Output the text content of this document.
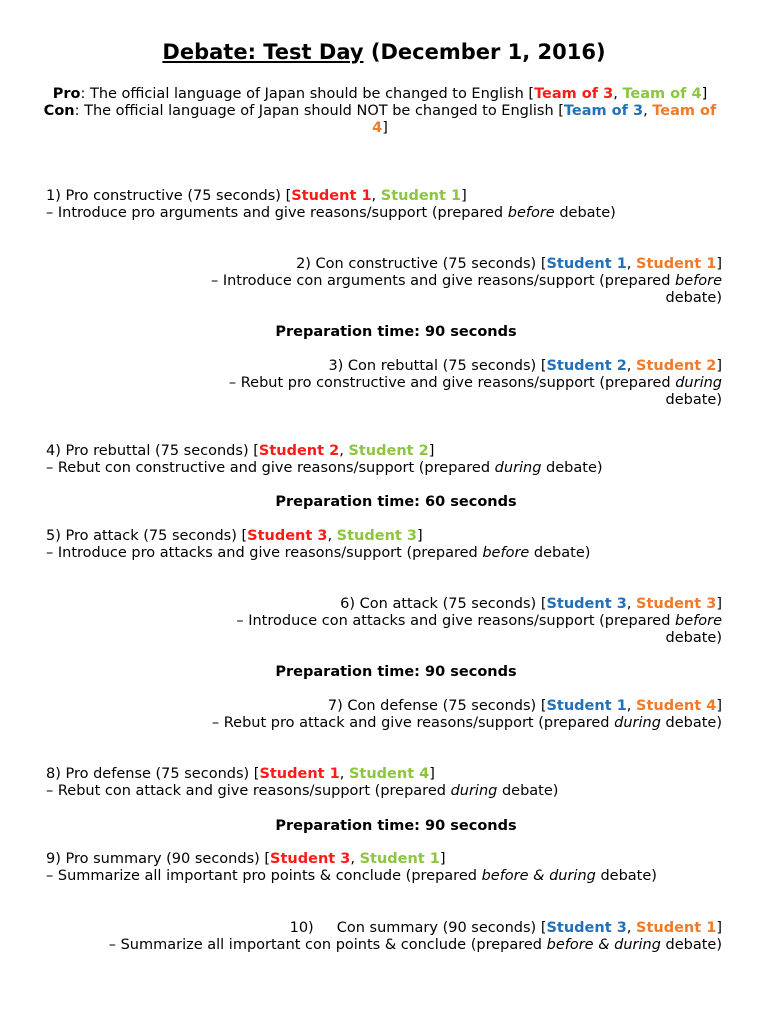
Debate: Test Day (December 1, 2016)
Pro: The official language of Japan should be changed to English [Team of 3, Team of 4]
Con: The official language of Japan should NOT be changed to English [Team of 3, Team of 4]
1) Pro constructive (75 seconds) [Student 1, Student 1]
– Introduce pro arguments and give reasons/support (prepared before debate)
2) Con constructive (75 seconds) [Student 1, Student 1]
– Introduce con arguments and give reasons/support (prepared before
debate)
Preparation time: 90 seconds
3) Con rebuttal (75 seconds) [Student 2, Student 2]
– Rebut pro constructive and give reasons/support (prepared during
debate)
4) Pro rebuttal (75 seconds) [Student 2, Student 2]
– Rebut con constructive and give reasons/support (prepared during debate)
Preparation time: 60 seconds
5) Pro attack (75 seconds) [Student 3, Student 3]
– Introduce pro attacks and give reasons/support (prepared before debate)
6) Con attack (75 seconds) [Student 3, Student 3]
– Introduce con attacks and give reasons/support (prepared before
debate)
Preparation time: 90 seconds
7) Con defense (75 seconds) [Student 1, Student 4]
– Rebut pro attack and give reasons/support (prepared during debate)
8) Pro defense (75 seconds) [Student 1, Student 4]
– Rebut con attack and give reasons/support (prepared during debate)
Preparation time: 90 seconds
9) Pro summary (90 seconds) [Student 3, Student 1]
– Summarize all important pro points & conclude (prepared before & during debate)
10)     Con summary (90 seconds) [Student 3, Student 1]
– Summarize all important con points & conclude (prepared before & during debate)
